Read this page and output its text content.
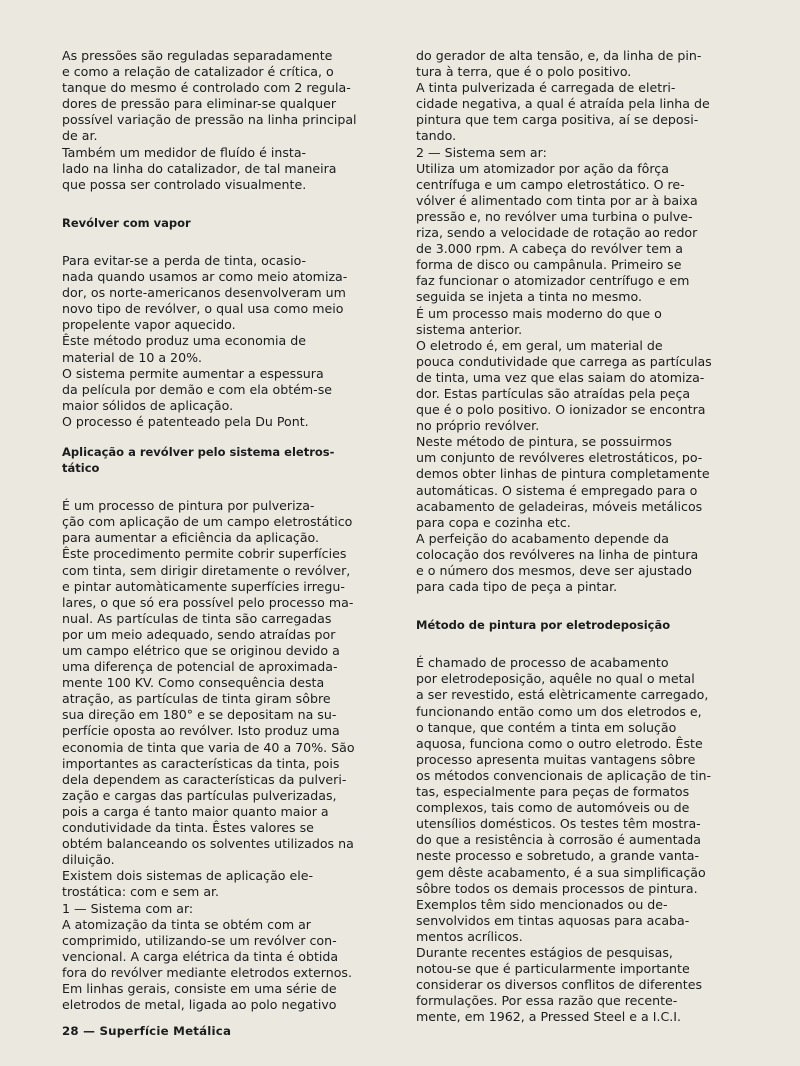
As pressões são reguladas separadamente
e como a relação de catalizador é crítica, o
tanque do mesmo é controlado com 2 regula-
dores de pressão para eliminar-se qualquer
possível variação de pressão na linha principal
de ar.

Também um medidor de fluído é insta-
lado na linha do catalizador, de tal maneira
que possa ser controlado visualmente.

Revólver com vapor

Para evitar-se a perda de tinta, ocasio-
nada quando usamos ar como meio atomiza-
dor, os norte-americanos desenvolveram um
novo tipo de revólver, o qual usa como meio
propelente vapor aquecido.

Êste método produz uma economia de
material de 10 a 20%.

O sistema permite aumentar a espessura
da película por demão e com ela obtém-se
maior sólidos de aplicação.

O processo é patenteado pela Du Pont.

Aplicação a revólver pelo sistema eletros-
tático

É um processo de pintura por pulveriza-
ção com aplicação de um campo eletrostático
para aumentar a eficiência da aplicação.
Êste procedimento permite cobrir superfícies
com tinta, sem dirigir diretamente o revólver,
e pintar automàticamente superfícies irregu-
lares, o que só era possível pelo processo ma-
nual. As partículas de tinta são carregadas
por um meio adequado, sendo atraídas por
um campo elétrico que se originou devido a
uma diferença de potencial de aproximada-
mente 100 KV. Como consequência desta
atração, as partículas de tinta giram sôbre
sua direção em 180° e se depositam na su-
perfície oposta ao revólver. Isto produz uma
economia de tinta que varia de 40 a 70%. São
importantes as características da tinta, pois
dela dependem as características da pulveri-
zação e cargas das partículas pulverizadas,
pois a carga é tanto maior quanto maior a
condutividade da tinta. Êstes valores se
obtém balanceando os solventes utilizados na
diluição.

Existem dois sistemas de aplicação ele-
trostática: com e sem ar.

1 — Sistema com ar:

A atomização da tinta se obtém com ar
comprimido, utilizando-se um revólver con-
vencional. A carga elétrica da tinta é obtida
fora do revólver mediante eletrodos externos.
Em linhas gerais, consiste em uma série de
eletrodos de metal, ligada ao polo negativo

do gerador de alta tensão, e, da linha de pin-
tura à terra, que é o polo positivo.

A tinta pulverizada é carregada de eletri-
cidade negativa, a qual é atraída pela linha de
pintura que tem carga positiva, aí se deposi-
tando.

2 — Sistema sem ar:

Utiliza um atomizador por ação da fôrça
centrífuga e um campo eletrostático. O re-
vólver é alimentado com tinta por ar à baixa
pressão e, no revólver uma turbina o pulve-
riza, sendo a velocidade de rotação ao redor
de 3.000 rpm. A cabeça do revólver tem a
forma de disco ou campânula. Primeiro se
faz funcionar o atomizador centrífugo e em
seguida se injeta a tinta no mesmo.

É um processo mais moderno do que o
sistema anterior.

O eletrodo é, em geral, um material de
pouca condutividade que carrega as partículas
de tinta, uma vez que elas saiam do atomiza-
dor. Estas partículas são atraídas pela peça
que é o polo positivo. O ionizador se encontra
no próprio revólver.

Neste método de pintura, se possuirmos
um conjunto de revólveres eletrostáticos, po-
demos obter linhas de pintura completamente
automáticas. O sistema é empregado para o
acabamento de geladeiras, móveis metálicos
para copa e cozinha etc.

A perfeição do acabamento depende da
colocação dos revólveres na linha de pintura
e o número dos mesmos, deve ser ajustado
para cada tipo de peça a pintar.

Método de pintura por eletrodeposição

É chamado de processo de acabamento
por eletrodeposição, aquêle no qual o metal
a ser revestido, está elètricamente carregado,
funcionando então como um dos eletrodos e,
o tanque, que contém a tinta em solução
aquosa, funciona como o outro eletrodo. Êste
processo apresenta muitas vantagens sôbre
os métodos convencionais de aplicação de tin-
tas, especialmente para peças de formatos
complexos, tais como de automóveis ou de
utensílios domésticos. Os testes têm mostra-
do que a resistência à corrosão é aumentada
neste processo e sobretudo, a grande vanta-
gem dêste acabamento, é a sua simplificação
sôbre todos os demais processos de pintura.

Exemplos têm sido mencionados ou de-
senvolvidos em tintas aquosas para acaba-
mentos acrílicos.

Durante recentes estágios de pesquisas,
notou-se que é particularmente importante
considerar os diversos conflitos de diferentes
formulações. Por essa razão que recente-
mente, em 1962, a Pressed Steel e a I.C.I.

28 — Superfície Metálica
